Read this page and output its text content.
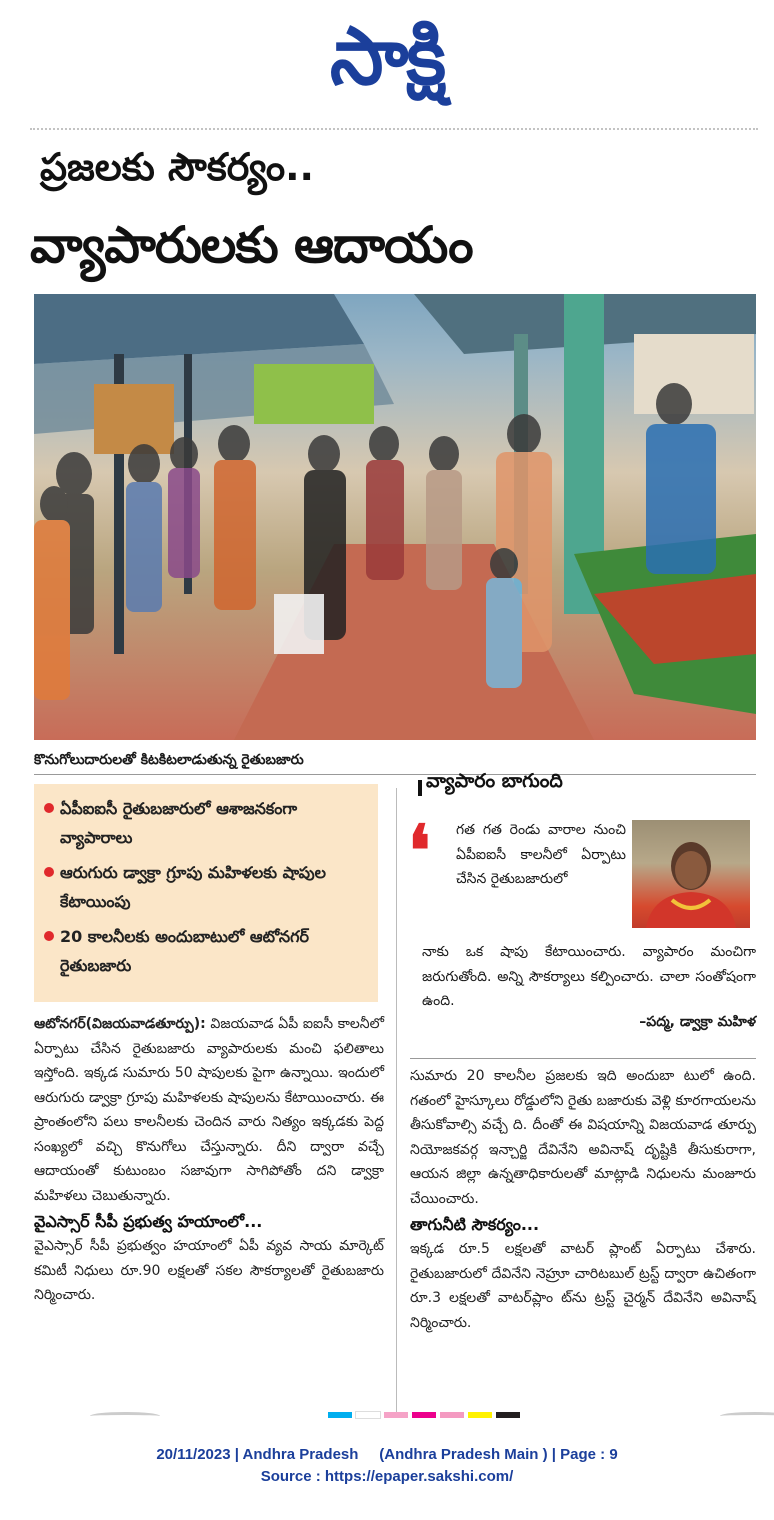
సాక్షి
ప్రజలకు సౌకర్యం..
వ్యాపారులకు ఆదాయం
కొనుగోలుదారులతో కిటకిటలాడుతున్న రైతుబజారు
ఏపీఐఐసీ రైతుబజారులో ఆశాజనకంగా వ్యాపారాలు
ఆరుగురు డ్వాక్రా గ్రూపు మహిళలకు షాపుల కేటాయింపు
20 కాలనీలకు అందుబాటులో ఆటోనగర్ రైతుబజారు

ఆటోనగర్(విజయవాడతూర్పు): విజయవాడ ఏపీ ఐఐసీ కాలనీలో ఏర్పాటు చేసిన రైతుబజారు వ్యాపారులకు మంచి ఫలితాలు ఇస్తోంది. ఇక్కడ సుమారు 50 షాపులకు పైగా ఉన్నాయి. ఇందులో ఆరుగురు డ్వాక్రా గ్రూపు మహిళలకు షాపులను కేటాయించారు. ఈ ప్రాంతంలోని పలు కాలనీలకు చెందిన వారు నిత్యం ఇక్కడకు పెద్ద సంఖ్యలో వచ్చి కొనుగోలు చేస్తున్నారు. దీని ద్వారా వచ్చే ఆదాయంతో కుటుంబం సజావుగా సాగిపోతోం దని డ్వాక్రా మహిళలు చెబుతున్నారు.

వైఎస్సార్ సీపీ ప్రభుత్వ హయాంలో...

వైఎస్సార్ సీపీ ప్రభుత్వం హయాంలో ఏపీ వ్యవ సాయ మార్కెట్ కమిటీ నిధులు రూ.90 లక్షలతో సకల సౌకర్యాలతో రైతుబజారు నిర్మించారు.

వ్యాపారం బాగుంది
❛ గత గత రెండు వారాల నుంచి ఏపీఐఐసీ కాలనీలో ఏర్పాటు చేసిన రైతుబజారులో
నాకు ఒక షాపు కేటాయించారు. వ్యాపారం మంచిగా జరుగుతోంది. అన్ని సౌకర్యాలు కల్పించారు. చాలా సంతోషంగా ఉంది.
–పద్మ, డ్వాక్రా మహిళ

సుమారు 20 కాలనీల ప్రజలకు ఇది అందుబా టులో ఉంది. గతంలో హైస్కూలు రోడ్డులోని రైతు బజారుకు వెళ్లి కూరగాయలను తీసుకోవాల్సి వచ్చే ది. దీంతో ఈ విషయాన్ని విజయవాడ తూర్పు నియోజకవర్గ ఇన్చార్జి దేవినేని అవినాష్ దృష్టికి తీసుకురాగా, ఆయన జిల్లా ఉన్నతాధికారులతో మాట్లాడి నిధులను మంజూరు చేయించారు.

తాగునీటి సౌకర్యం...

ఇక్కడ రూ.5 లక్షలతో వాటర్ ప్లాంట్ ఏర్పాటు చేశారు. రైతుబజారులో దేవినేని నెహ్రూ చారిటబుల్ ట్రస్ట్ ద్వారా ఉచితంగా రూ.3 లక్షలతో వాటర్‌ప్లాం ట్‌ను ట్రస్ట్ చైర్మన్ దేవినేని అవినాష్ నిర్మించారు.

20/11/2023 | Andhra Pradesh     (Andhra Pradesh Main ) | Page : 9
Source : https://epaper.sakshi.com/
